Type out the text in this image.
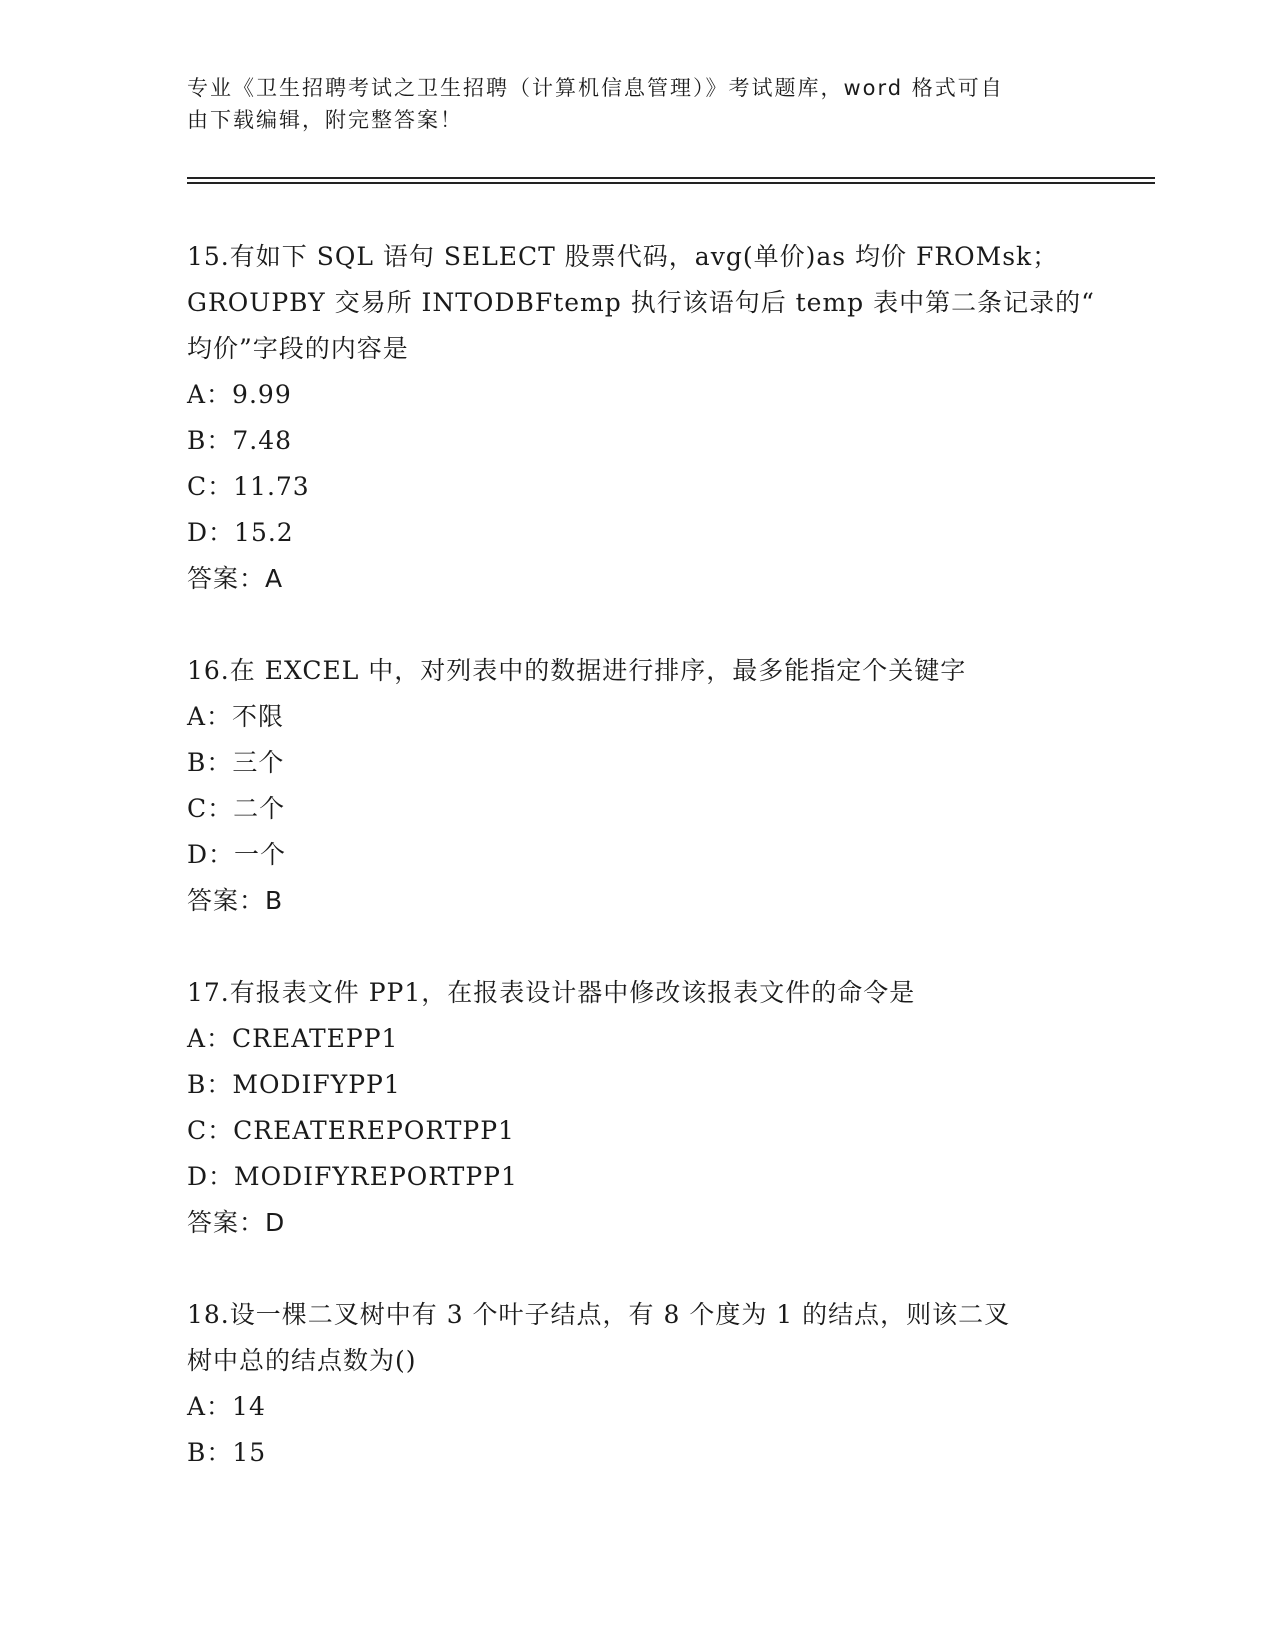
专业《卫生招聘考试之卫生招聘（计算机信息管理）》考试题库，word 格式可自
由下载编辑，附完整答案！

15.有如下 SQL 语句 SELECT 股票代码，avg(单价)as 均价 FROMsk；
GROUPBY 交易所 INTODBFtemp 执行该语句后 temp 表中第二条记录的“
均价”字段的内容是

A：9.99

B：7.48

C：11.73

D：15.2

答案：A

16.在 EXCEL 中，对列表中的数据进行排序，最多能指定个关键字

A：不限

B：三个

C：二个

D：一个

答案：B

17.有报表文件 PP1，在报表设计器中修改该报表文件的命令是

A：CREATEPP1

B：MODIFYPP1

C：CREATEREPORTPP1

D：MODIFYREPORTPP1

答案：D

18.设一棵二叉树中有 3 个叶子结点，有 8 个度为 1 的结点，则该二叉
树中总的结点数为()

A：14

B：15
